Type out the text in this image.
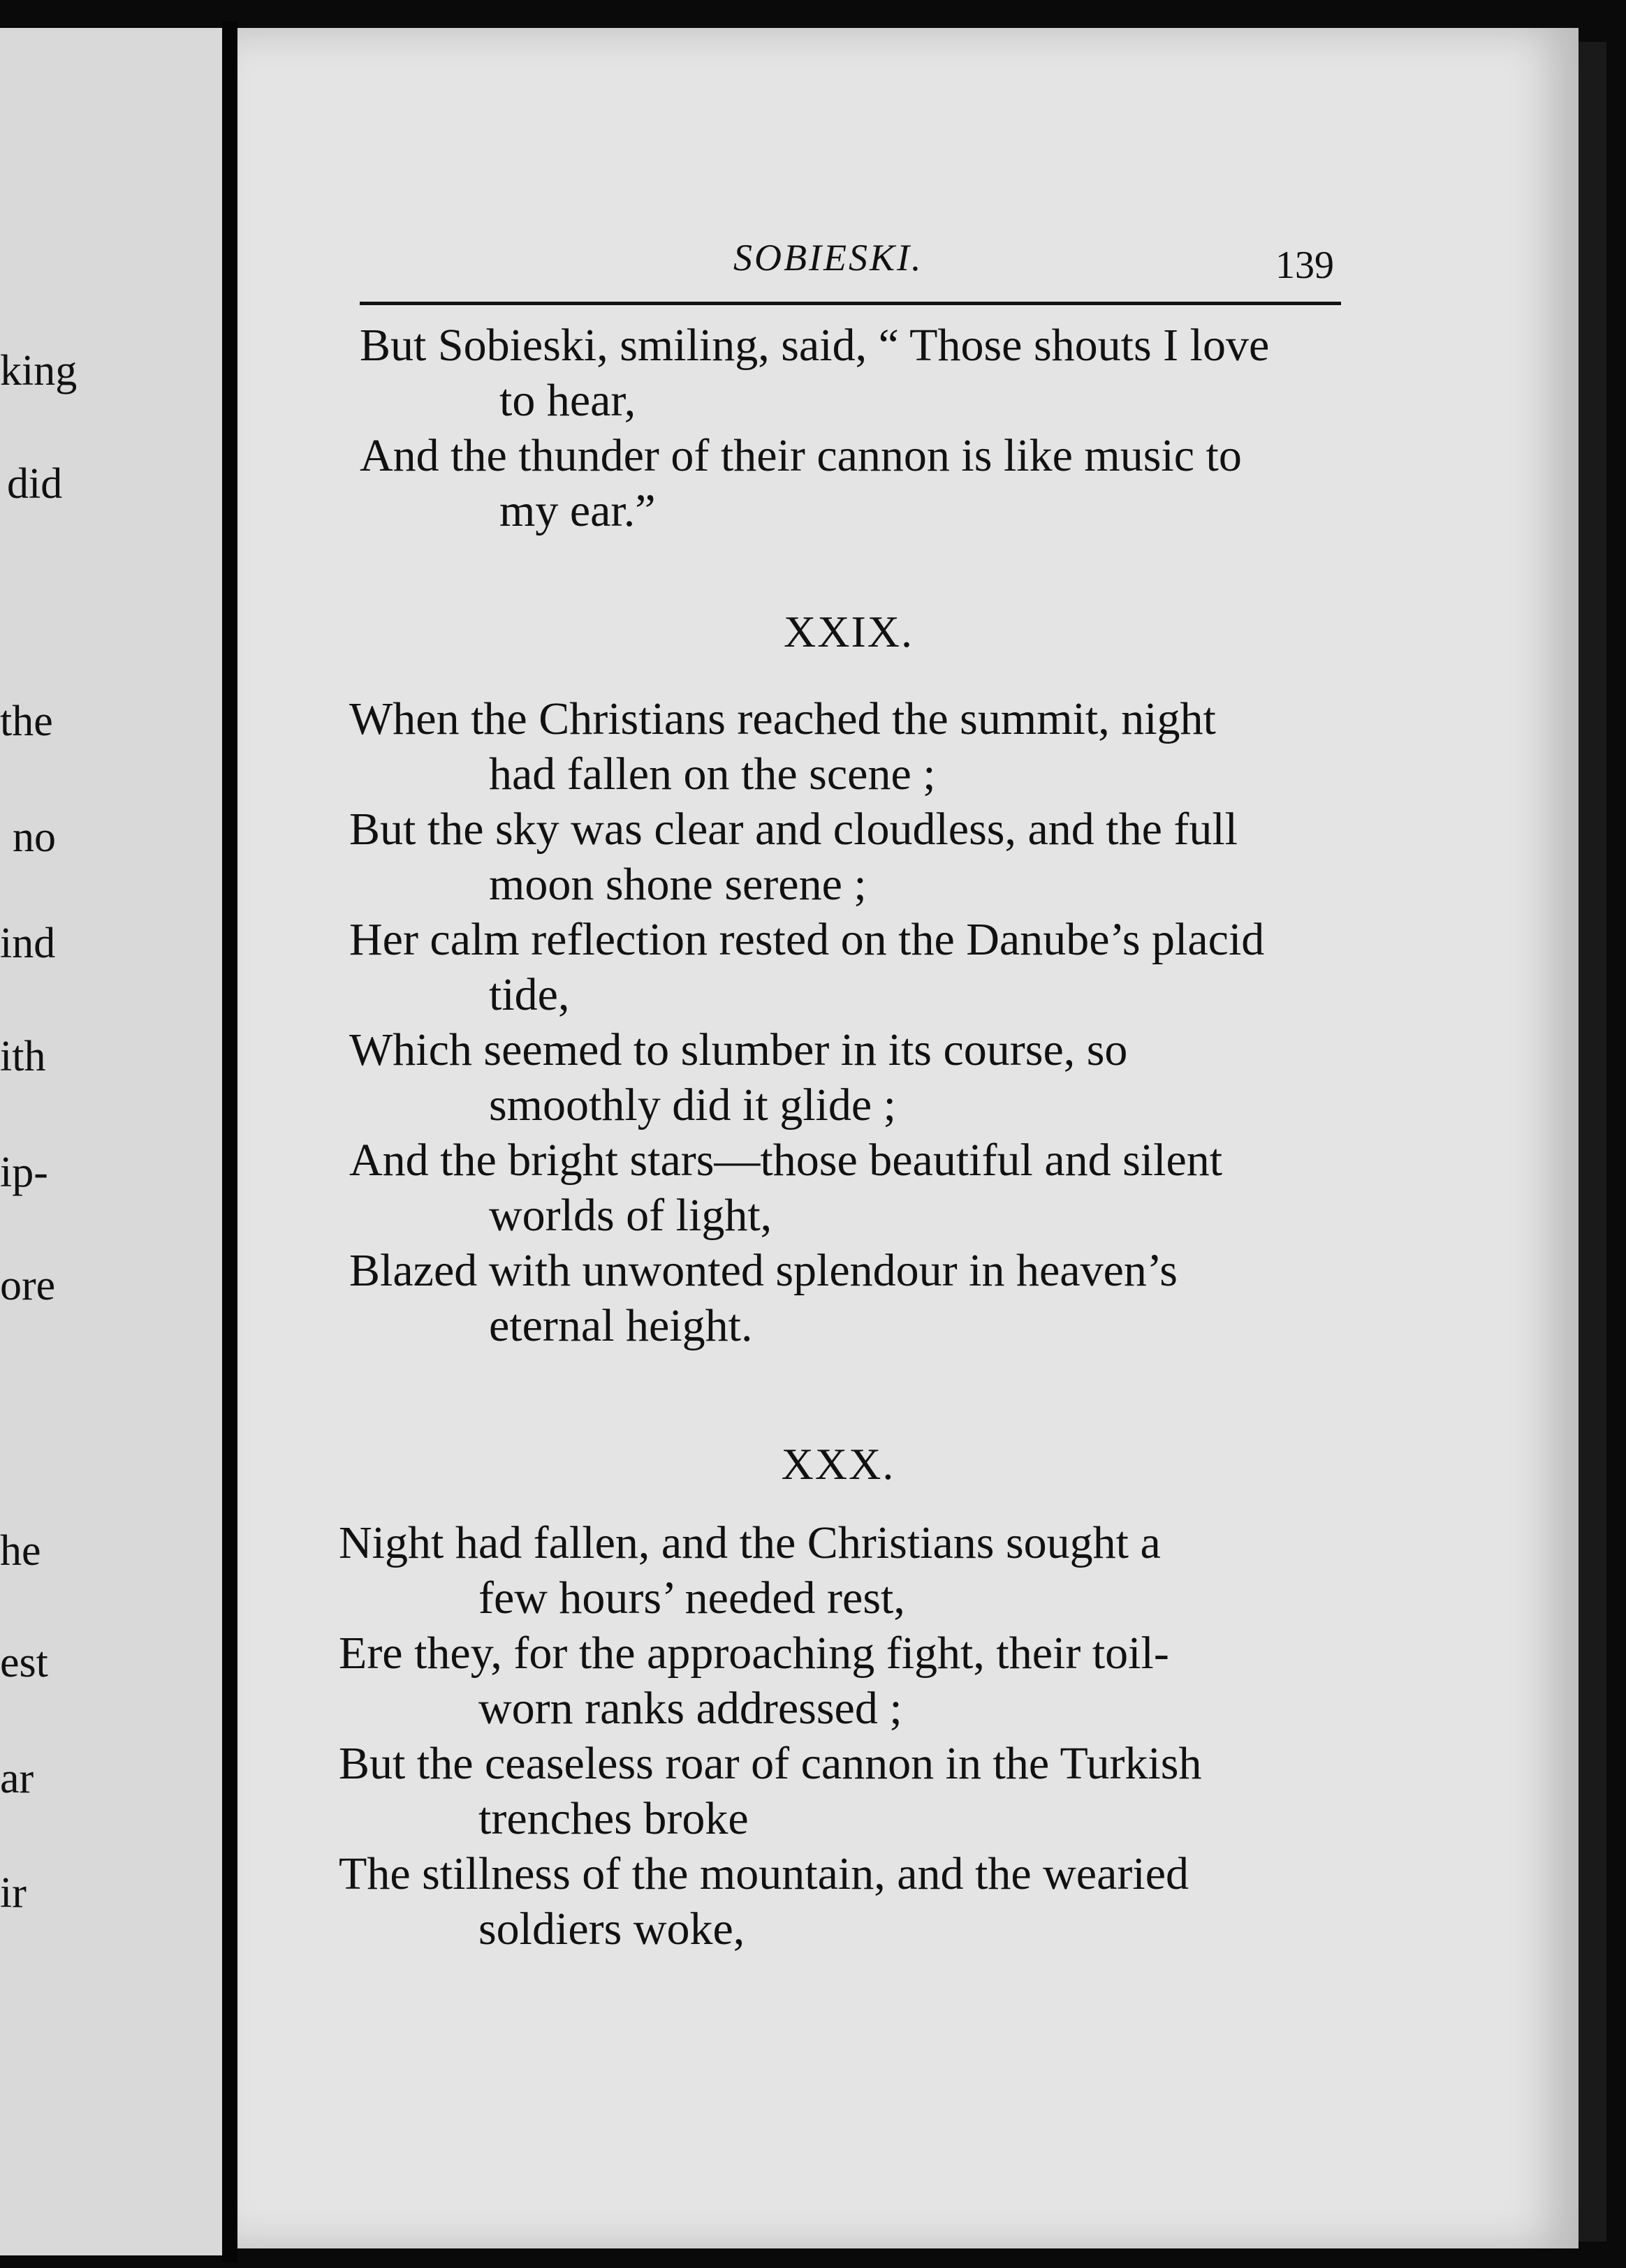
king
did
the
no
ind
ith
ip-
ore
he
est
ar
ir
SOBIESKI.	139

But Sobieski, smiling, said, “ Those shouts I love

to hear,

And the thunder of their cannon is like music to

my ear.”

XXIX.

When the Christians reached the summit, night

had fallen on the scene ;

But the sky was clear and cloudless, and the full

moon shone serene ;

Her calm reflection rested on the Danube’s placid

tide,

Which seemed to slumber in its course, so

smoothly did it glide ;

And the bright stars—those beautiful and silent

worlds of light,

Blazed with unwonted splendour in heaven’s

eternal height.

XXX.

Night had fallen, and the Christians sought a

few hours’ needed rest,

Ere they, for the approaching fight, their toil-

worn ranks addressed ;

But the ceaseless roar of cannon in the Turkish

trenches broke

The stillness of the mountain, and the wearied

soldiers woke,
